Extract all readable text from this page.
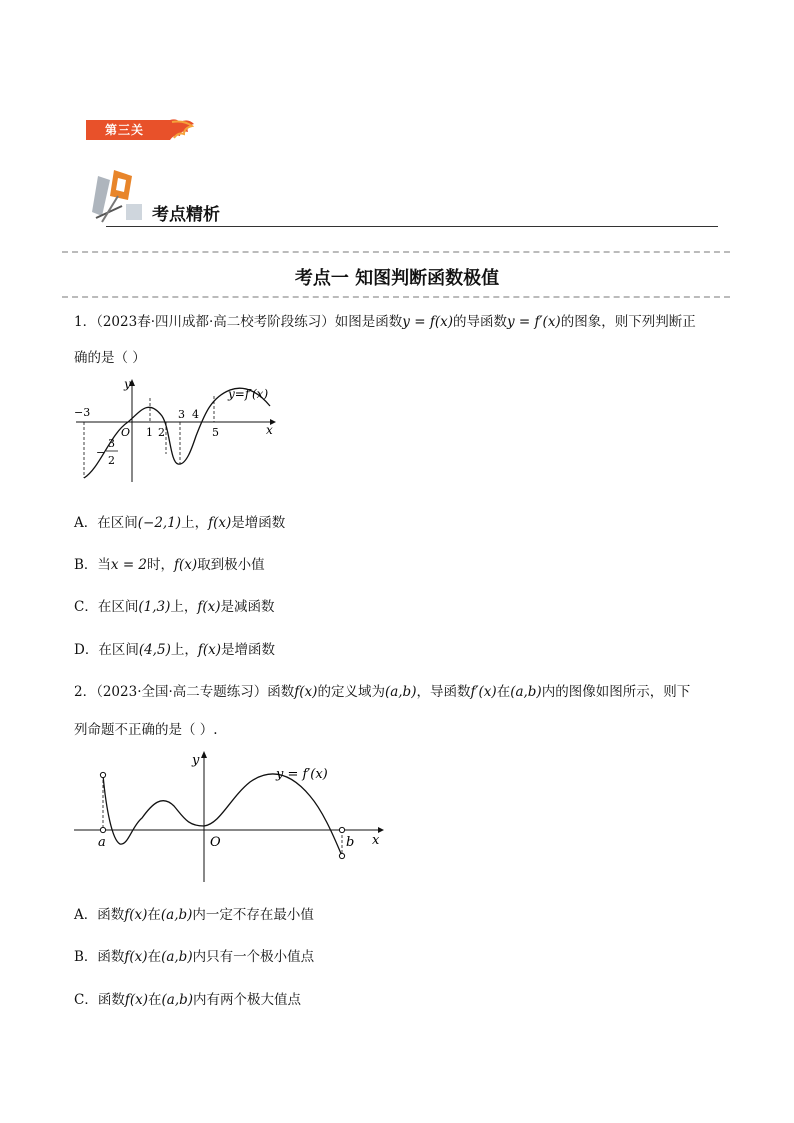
第三关
考点精析
考点一 知图判断函数极值
1．（2023春·四川成都·高二校考阶段练习）如图是函数y = f(x)的导函数y = f′(x)的图象，则下列判断正
确的是（ ）
y
x
y=f′(x)
O
−3
1 2
3 4
5
−
3
2
A．在区间(−2,1)上，f(x)是增函数
B．当x = 2时，f(x)取到极小值
C．在区间(1,3)上，f(x)是减函数
D．在区间(4,5)上，f(x)是增函数
2．（2023·全国·高二专题练习）函数f(x)的定义域为(a,b)，导函数f′(x)在(a,b)内的图像如图所示，则下
列命题不正确的是（ ）.
y
x
y = f′(x)
O
a	b
A．函数f(x)在(a,b)内一定不存在最小值
B．函数f(x)在(a,b)内只有一个极小值点
C．函数f(x)在(a,b)内有两个极大值点
